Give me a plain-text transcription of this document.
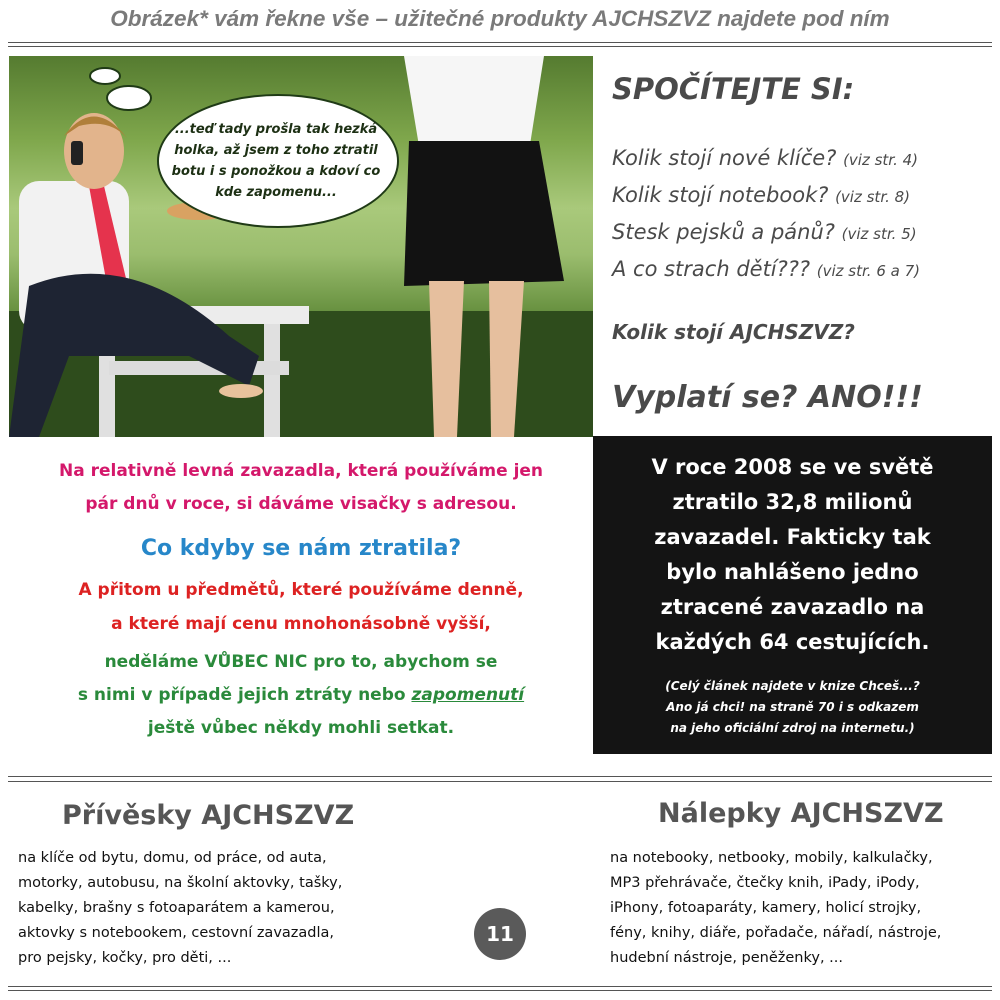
Obrázek* vám řekne vše – užitečné produkty AJCHSZVZ najdete pod ním
...teď tady prošla tak hezká holka, až jsem z toho ztratil botu i s ponožkou a kdoví co kde zapomenu...
SPOČÍTEJTE SI:
Kolik stojí nové klíče? (viz str. 4)
Kolik stojí notebook? (viz str. 8)
Stesk pejsků a pánů? (viz str. 5)
A co strach dětí??? (viz str. 6 a 7)
Kolik stojí AJCHSZVZ?
Vyplatí se? ANO!!!
V roce 2008 se ve světě
ztratilo 32,8 milionů
zavazadel. Fakticky tak
bylo nahlášeno jedno
ztracené zavazadlo na
každých 64 cestujících.
(Celý článek najdete v knize Chceš...?
Ano já chci! na straně 70 i s odkazem
na jeho oficiální zdroj na internetu.)
Na relativně levná zavazadla, která používáme jen
pár dnů v roce, si dáváme visačky s adresou.
Co kdyby se nám ztratila?
A přitom u předmětů, které používáme denně,
a které mají cenu mnohonásobně vyšší,
neděláme VŮBEC NIC pro to, abychom se
s nimi v případě jejich ztráty nebo zapomenutí
ještě vůbec někdy mohli setkat.
Přívěsky AJCHSZVZ
na klíče od bytu, domu, od práce, od auta,
motorky, autobusu, na školní aktovky, tašky,
kabelky, brašny s fotoaparátem a kamerou,
aktovky s notebookem, cestovní zavazadla,
pro pejsky, kočky, pro děti, ...
Nálepky AJCHSZVZ
na notebooky, netbooky, mobily, kalkulačky,
MP3 přehrávače, čtečky knih, iPady, iPody,
iPhony, fotoaparáty, kamery, holicí strojky,
fény, knihy, diáře, pořadače, nářadí, nástroje,
hudební nástroje, peněženky, ...
11
